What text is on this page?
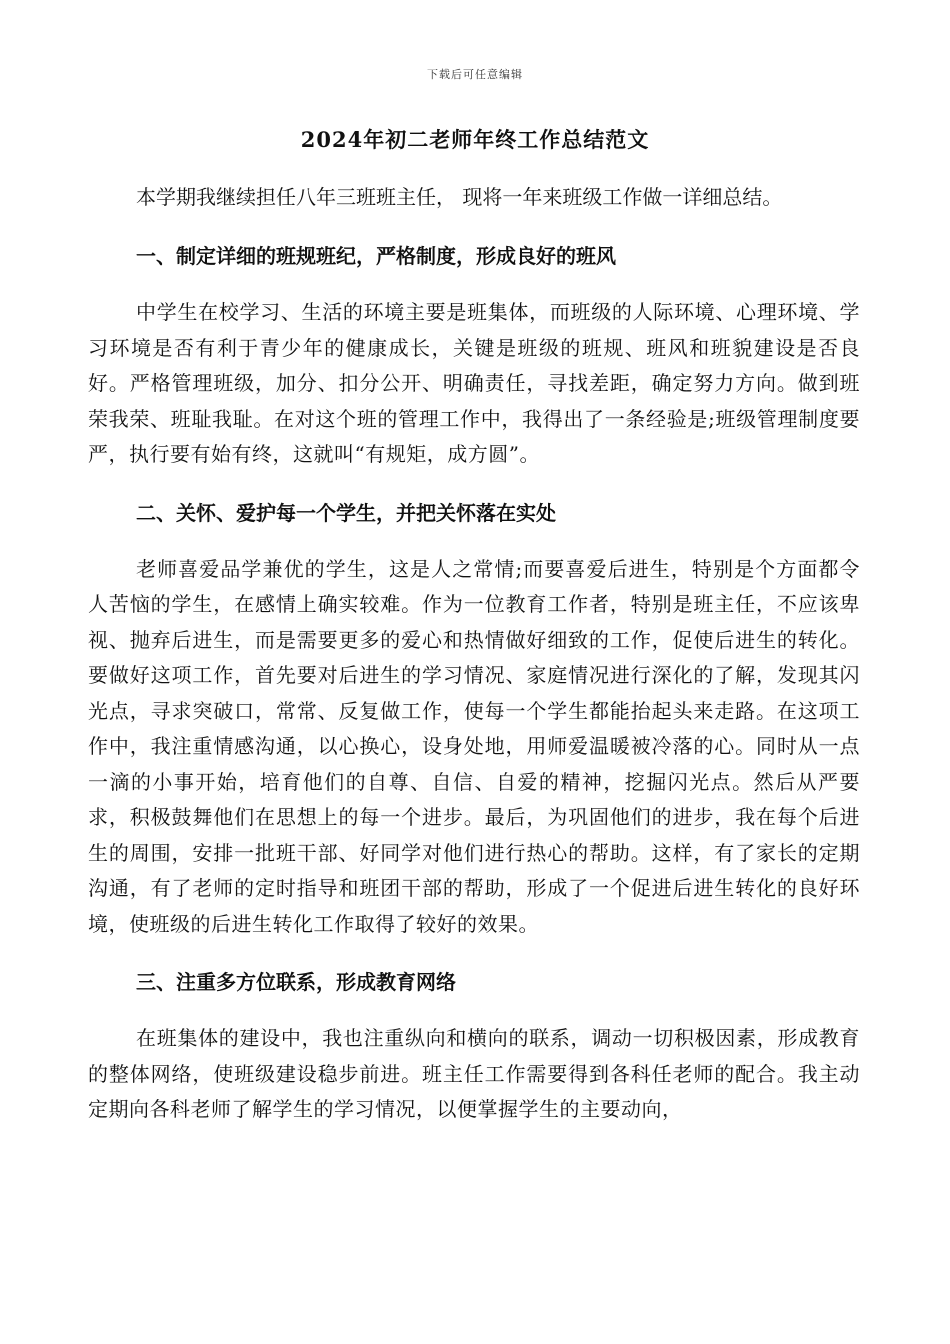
下载后可任意编辑
2024年初二老师年终工作总结范文

本学期我继续担任八年三班班主任， 现将一年来班级工作做一详细总结。

一、制定详细的班规班纪，严格制度，形成良好的班风

中学生在校学习、生活的环境主要是班集体，而班级的人际环境、心理环境、学习环境是否有利于青少年的健康成长，关键是班级的班规、班风和班貌建设是否良好。严格管理班级，加分、扣分公开、明确责任，寻找差距，确定努力方向。做到班荣我荣、班耻我耻。在对这个班的管理工作中，我得出了一条经验是;班级管理制度要严，执行要有始有终，这就叫“有规矩，成方圆”。

二、关怀、爱护每一个学生，并把关怀落在实处

老师喜爱品学兼优的学生，这是人之常情;而要喜爱后进生，特别是个方面都令人苦恼的学生，在感情上确实较难。作为一位教育工作者，特别是班主任，不应该卑视、抛弃后进生，而是需要更多的爱心和热情做好细致的工作，促使后进生的转化。要做好这项工作，首先要对后进生的学习情况、家庭情况进行深化的了解，发现其闪光点，寻求突破口，常常、反复做工作，使每一个学生都能抬起头来走路。在这项工作中，我注重情感沟通，以心换心，设身处地，用师爱温暖被冷落的心。同时从一点一滴的小事开始，培育他们的自尊、自信、自爱的精神，挖掘闪光点。然后从严要求，积极鼓舞他们在思想上的每一个进步。最后，为巩固他们的进步，我在每个后进生的周围，安排一批班干部、好同学对他们进行热心的帮助。这样，有了家长的定期沟通，有了老师的定时指导和班团干部的帮助，形成了一个促进后进生转化的良好环境，使班级的后进生转化工作取得了较好的效果。

三、注重多方位联系，形成教育网络

在班集体的建设中，我也注重纵向和横向的联系，调动一切积极因素，形成教育的整体网络，使班级建设稳步前进。班主任工作需要得到各科任老师的配合。我主动定期向各科老师了解学生的学习情况，以便掌握学生的主要动向，
